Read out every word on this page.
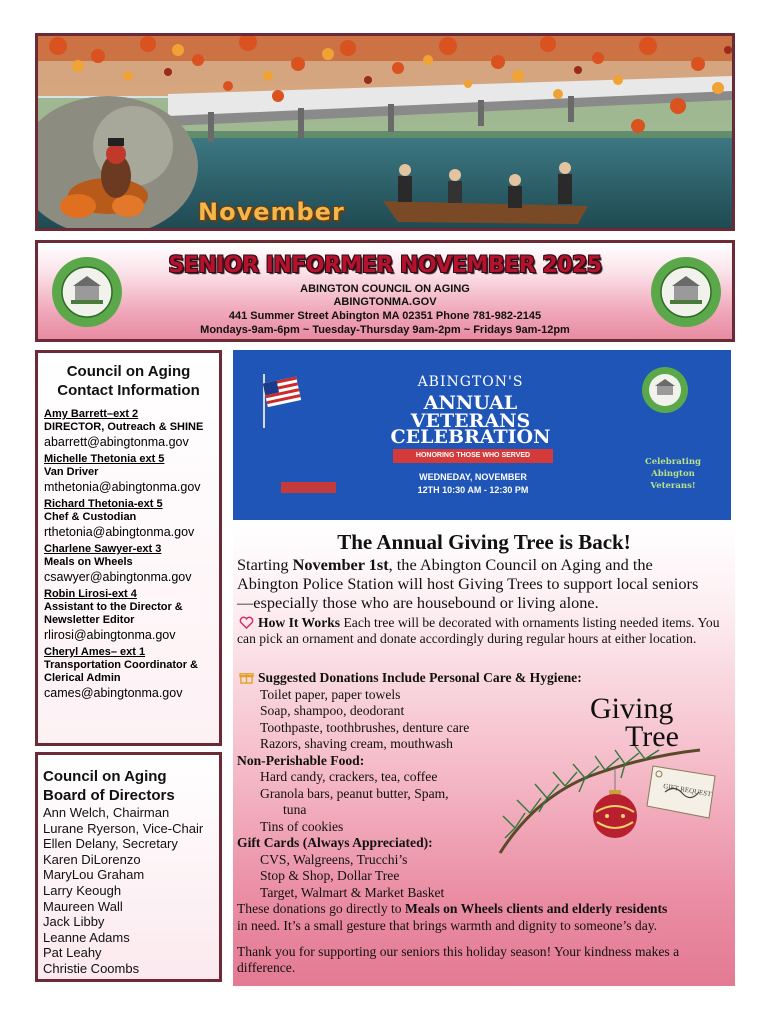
November
SENIOR INFORMER NOVEMBER 2025
ABINGTON COUNCIL ON AGING
ABINGTONMA.GOV
441 Summer Street Abington MA 02351 Phone 781-982-2145
Mondays-9am-6pm ~ Tuesday-Thursday 9am-2pm ~ Fridays 9am-12pm
Council on Aging
Contact Information
Amy Barrett–ext 2
DIRECTOR, Outreach & SHINE
abarrett@abingtonma.gov
Michelle Thetonia ext 5
Van Driver
mthetonia@abingtonma.gov
Richard Thetonia-ext 5
Chef & Custodian
rthetonia@abingtonma.gov
Charlene Sawyer-ext 3
Meals on Wheels
csawyer@abingtonma.gov
Robin Lirosi-ext 4
Assistant to the Director & Newsletter Editor
rlirosi@abingtonma.gov
Cheryl Ames– ext 1
Transportation Coordinator & Clerical Admin
cames@abingtonma.gov
Council on Aging
Board of Directors
Ann Welch, Chairman
Lurane Ryerson, Vice-Chair
Ellen Delany, Secretary
Karen DiLorenzo
MaryLou Graham
Larry Keough
Maureen Wall
Jack Libby
Leanne Adams
Pat Leahy
Christie Coombs
ABINGTON'S
ANNUAL
VETERANS
CELEBRATION
HONORING THOSE WHO SERVED
WEDNEDAY, NOVEMBER
12TH 10:30 AM - 12:30 PM
Celebrating
Abington
Veterans!
The Annual Giving Tree is Back!
Starting November 1st, the Abington Council on Aging and the Abington Police Station will host Giving Trees to support local seniors—especially those who are housebound or living alone.
How It Works Each tree will be decorated with ornaments listing needed items. You can pick an ornament and donate accordingly during regular hours at either location.
Suggested Donations Include Personal Care & Hygiene:
Toilet paper, paper towels
Soap, shampoo, deodorant
Toothpaste, toothbrushes, denture care
Razors, shaving cream, mouthwash
Non-Perishable Food:
Hard candy, crackers, tea, coffee
Granola bars, peanut butter, Spam,
tuna
Tins of cookies
Gift Cards (Always Appreciated):
CVS, Walgreens, Trucchi’s
Stop & Shop, Dollar Tree
Target, Walmart & Market Basket
These donations go directly to Meals on Wheels clients and elderly residents
in need. It’s a small gesture that brings warmth and dignity to someone’s day.
Thank you for supporting our seniors this holiday season! Your kindness makes a difference.
GIFT REQUEST
Giving
Tree
